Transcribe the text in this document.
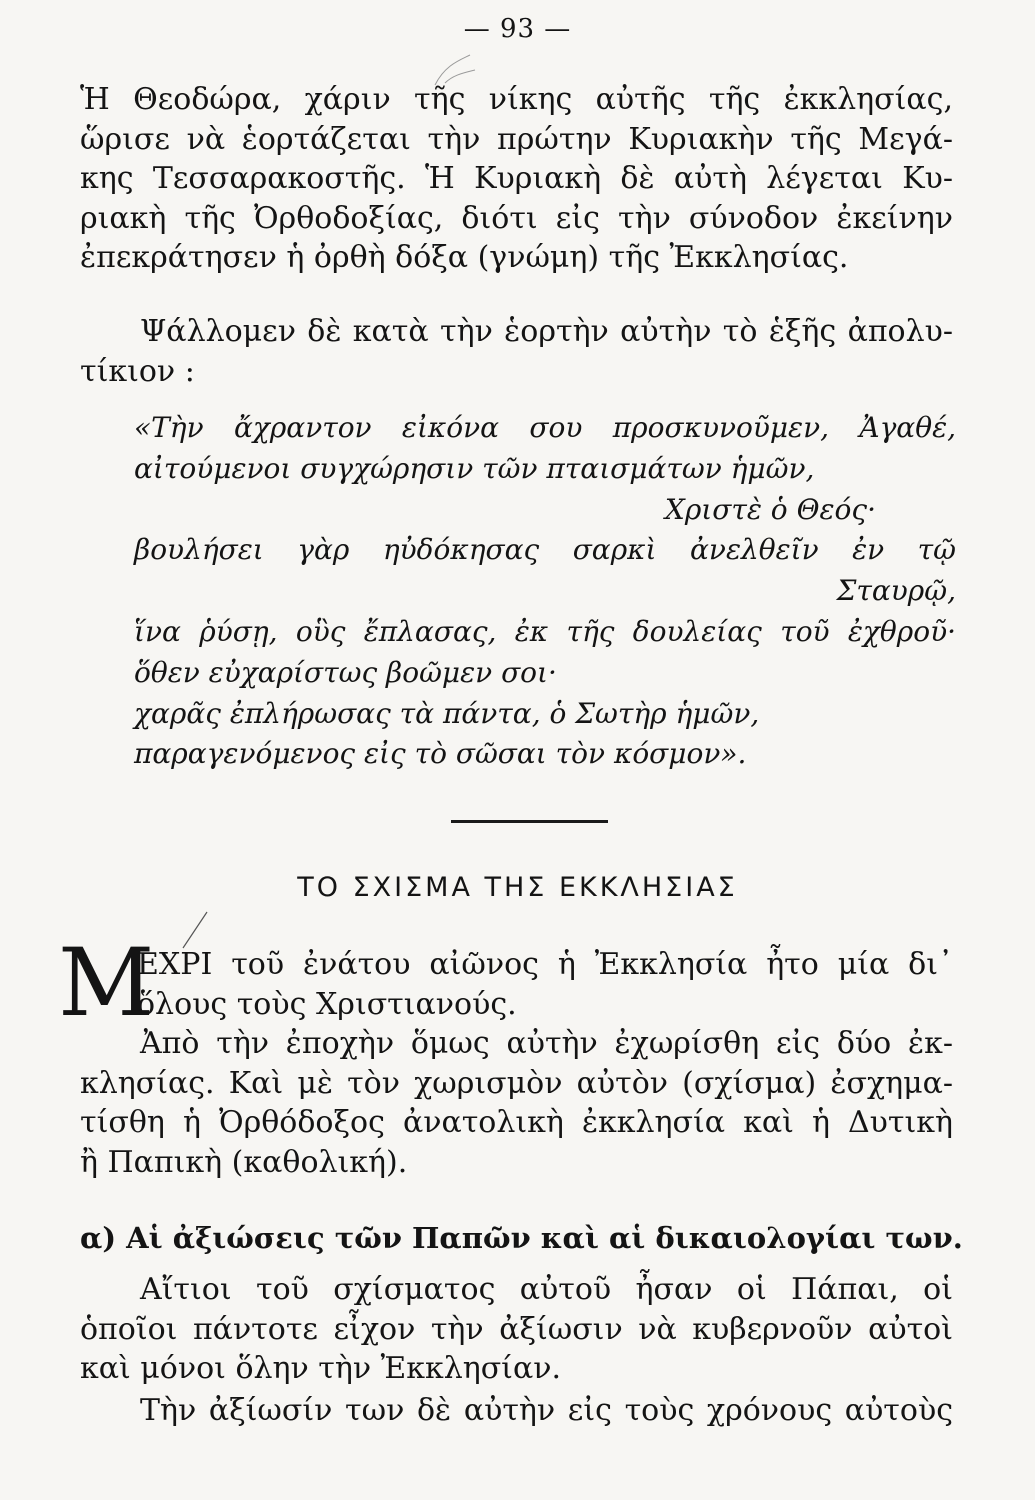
— 93 —
Ἡ Θεοδώρα, χάριν τῆς νίκης αὐτῆς τῆς ἐκκλησίας,
ὥρισε νὰ ἑορτάζεται τὴν πρώτην Κυριακὴν τῆς Μεγά-
κης Τεσσαρακοστῆς. Ἡ Κυριακὴ δὲ αὐτὴ λέγεται Κυ-
ριακὴ τῆς Ὀρθοδοξίας, διότι εἰς τὴν σύνοδον ἐκείνην
ἐπεκράτησεν ἡ ὀρθὴ δόξα (γνώμη) τῆς Ἐκκλησίας.
Ψάλλομεν δὲ κατὰ τὴν ἑορτὴν αὐτὴν τὸ ἑξῆς ἀπολυ-
τίκιον :
«Τὴν ἄχραντον εἰκόνα σου προσκυνοῦμεν, Ἀγαθέ,
αἰτούμενοι συγχώρησιν τῶν πταισμάτων ἡμῶν,
Χριστὲ ὁ Θεός·
βουλήσει γὰρ ηὐδόκησας σαρκὶ ἀνελθεῖν ἐν τῷ
Σταυρῷ,
ἵνα ῥύσῃ, οὓς ἔπλασας, ἐκ τῆς δουλείας τοῦ ἐχθροῦ·
ὅθεν εὐχαρίστως βοῶμεν σοι·
χαρᾶς ἐπλήρωσας τὰ πάντα, ὁ Σωτὴρ ἡμῶν,
παραγενόμενος εἰς τὸ σῶσαι τὸν κόσμον».
ΤΟ ΣΧΙΣΜΑ ΤΗΣ ΕΚΚΛΗΣΙΑΣ
Μ
ΕΧΡΙ τοῦ ἐνάτου αἰῶνος ἡ Ἐκκλησία ἦτο μία δι᾽
ὅλους τοὺς Χριστιανούς.
Ἀπὸ τὴν ἐποχὴν ὅμως αὐτὴν ἐχωρίσθη εἰς δύο ἐκ-
κλησίας. Καὶ μὲ τὸν χωρισμὸν αὐτὸν (σχίσμα) ἐσχημα-
τίσθη ἡ Ὀρθόδοξος ἀνατολικὴ ἐκκλησία καὶ ἡ Δυτικὴ
ἢ Παπικὴ (καθολική).
α) Αἱ ἀξιώσεις τῶν Παπῶν καὶ αἱ δικαιολογίαι των.
Αἴτιοι τοῦ σχίσματος αὐτοῦ ἦσαν οἱ Πάπαι, οἱ
ὁποῖοι πάντοτε εἶχον τὴν ἀξίωσιν νὰ κυβερνοῦν αὐτοὶ
καὶ μόνοι ὅλην τὴν Ἐκκλησίαν.
Τὴν ἀξίωσίν των δὲ αὐτὴν εἰς τοὺς χρόνους αὐτοὺς
